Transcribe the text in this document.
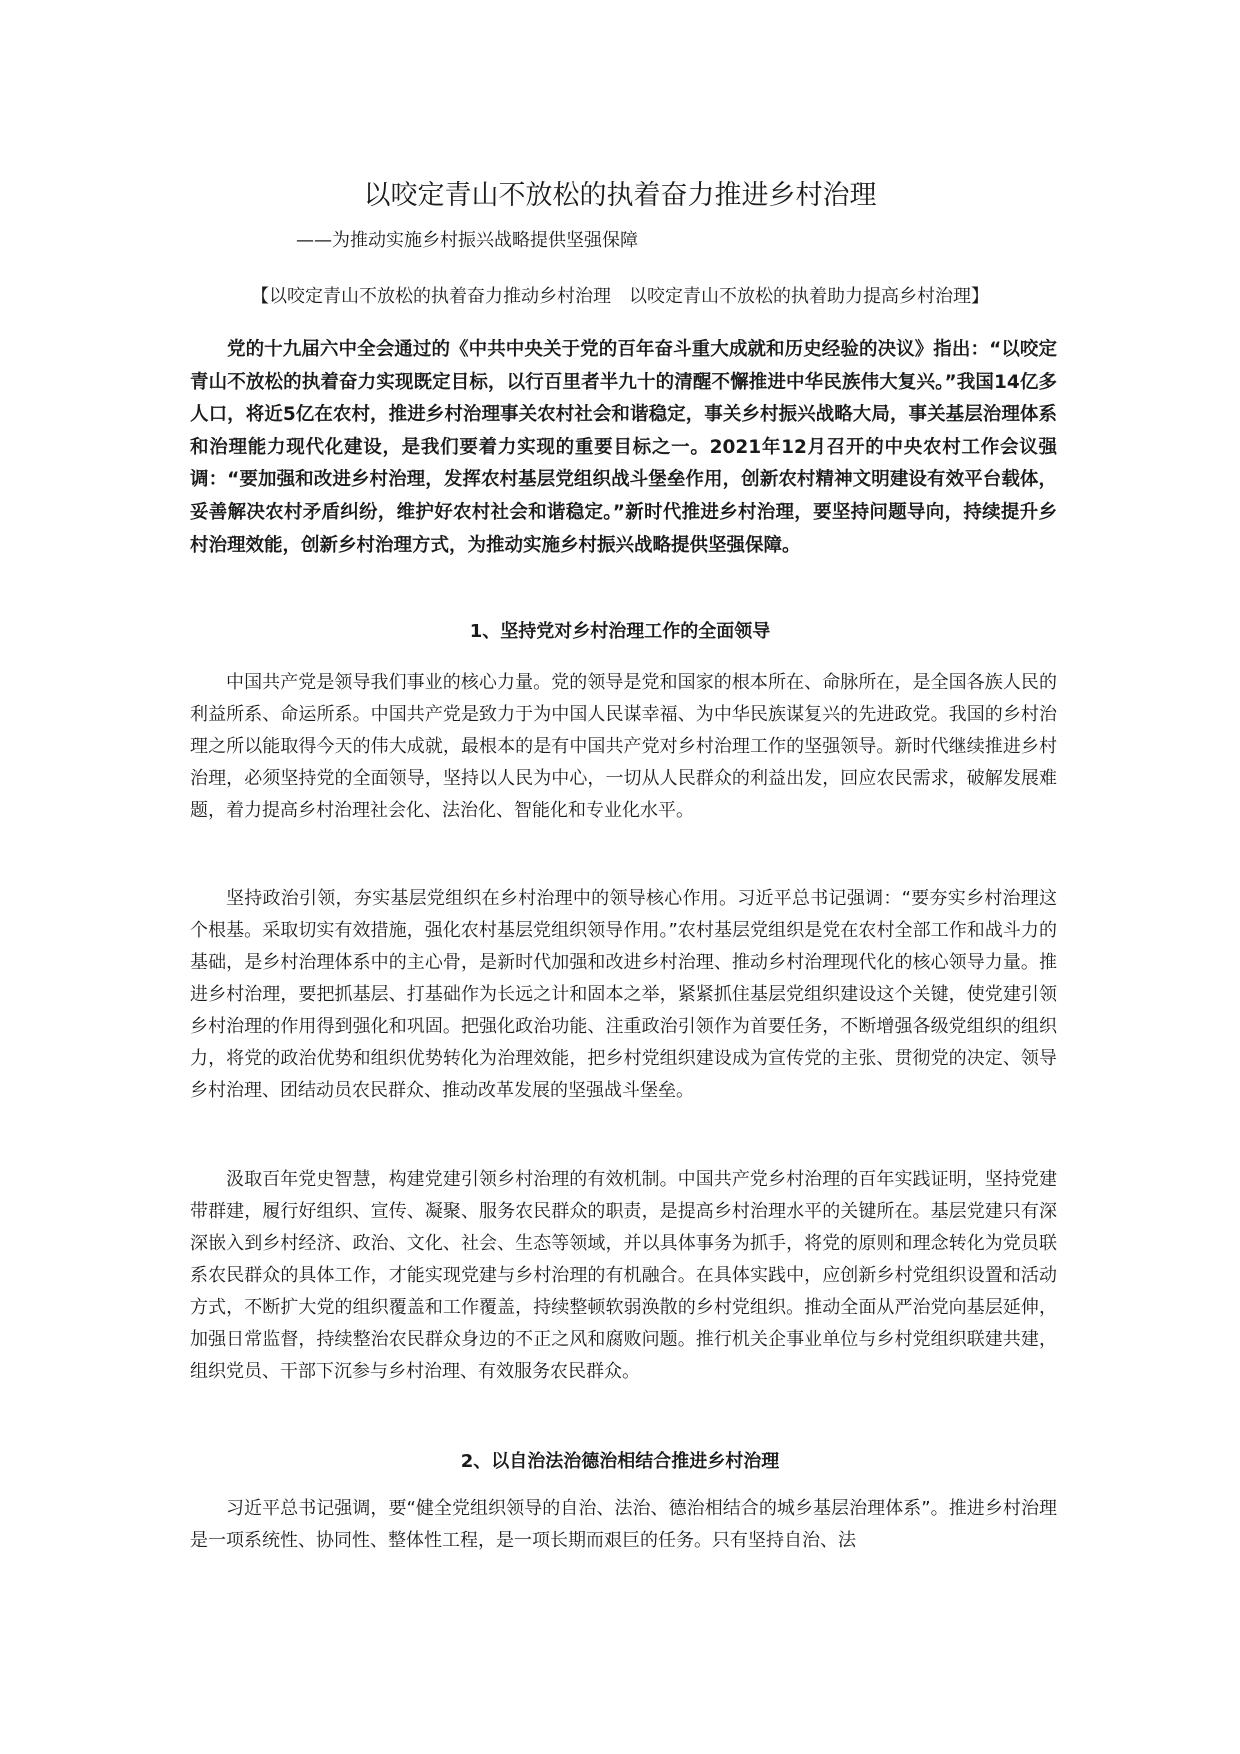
以咬定青山不放松的执着奋力推进乡村治理

——为推动实施乡村振兴战略提供坚强保障

【以咬定青山不放松的执着奋力推动乡村治理　以咬定青山不放松的执着助力提高乡村治理】

党的十九届六中全会通过的《中共中央关于党的百年奋斗重大成就和历史经验的决议》指出：“以咬定青山不放松的执着奋力实现既定目标，以行百里者半九十的清醒不懈推进中华民族伟大复兴。”我国14亿多人口，将近5亿在农村，推进乡村治理事关农村社会和谐稳定，事关乡村振兴战略大局，事关基层治理体系和治理能力现代化建设，是我们要着力实现的重要目标之一。2021年12月召开的中央农村工作会议强调：“要加强和改进乡村治理，发挥农村基层党组织战斗堡垒作用，创新农村精神文明建设有效平台载体，妥善解决农村矛盾纠纷，维护好农村社会和谐稳定。”新时代推进乡村治理，要坚持问题导向，持续提升乡村治理效能，创新乡村治理方式，为推动实施乡村振兴战略提供坚强保障。

1、坚持党对乡村治理工作的全面领导

中国共产党是领导我们事业的核心力量。党的领导是党和国家的根本所在、命脉所在，是全国各族人民的利益所系、命运所系。中国共产党是致力于为中国人民谋幸福、为中华民族谋复兴的先进政党。我国的乡村治理之所以能取得今天的伟大成就，最根本的是有中国共产党对乡村治理工作的坚强领导。新时代继续推进乡村治理，必须坚持党的全面领导，坚持以人民为中心，一切从人民群众的利益出发，回应农民需求，破解发展难题，着力提高乡村治理社会化、法治化、智能化和专业化水平。

坚持政治引领，夯实基层党组织在乡村治理中的领导核心作用。习近平总书记强调：“要夯实乡村治理这个根基。采取切实有效措施，强化农村基层党组织领导作用。”农村基层党组织是党在农村全部工作和战斗力的基础，是乡村治理体系中的主心骨，是新时代加强和改进乡村治理、推动乡村治理现代化的核心领导力量。推进乡村治理，要把抓基层、打基础作为长远之计和固本之举，紧紧抓住基层党组织建设这个关键，使党建引领乡村治理的作用得到强化和巩固。把强化政治功能、注重政治引领作为首要任务，不断增强各级党组织的组织力，将党的政治优势和组织优势转化为治理效能，把乡村党组织建设成为宣传党的主张、贯彻党的决定、领导乡村治理、团结动员农民群众、推动改革发展的坚强战斗堡垒。

汲取百年党史智慧，构建党建引领乡村治理的有效机制。中国共产党乡村治理的百年实践证明，坚持党建带群建，履行好组织、宣传、凝聚、服务农民群众的职责，是提高乡村治理水平的关键所在。基层党建只有深深嵌入到乡村经济、政治、文化、社会、生态等领域，并以具体事务为抓手，将党的原则和理念转化为党员联系农民群众的具体工作，才能实现党建与乡村治理的有机融合。在具体实践中，应创新乡村党组织设置和活动方式，不断扩大党的组织覆盖和工作覆盖，持续整顿软弱涣散的乡村党组织。推动全面从严治党向基层延伸，加强日常监督，持续整治农民群众身边的不正之风和腐败问题。推行机关企事业单位与乡村党组织联建共建，组织党员、干部下沉参与乡村治理、有效服务农民群众。

2、以自治法治德治相结合推进乡村治理

习近平总书记强调，要“健全党组织领导的自治、法治、德治相结合的城乡基层治理体系”。推进乡村治理是一项系统性、协同性、整体性工程，是一项长期而艰巨的任务。只有坚持自治、法
